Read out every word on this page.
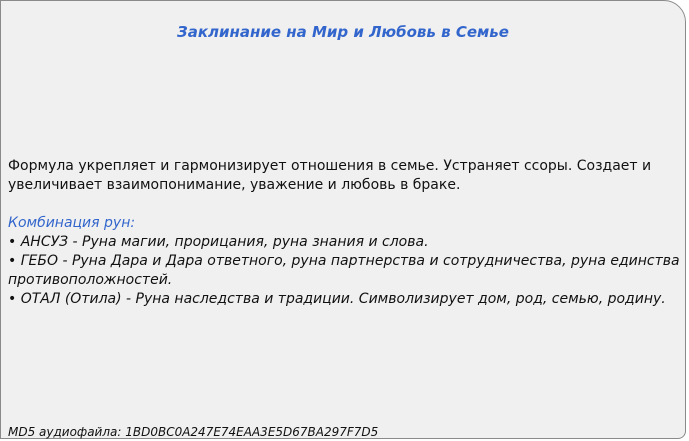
Заклинание на Мир и Любовь в Семье

Формула укрепляет и гармонизирует отношения в семье. Устраняет ссоры. Создает и увеличивает взаимопонимание, уважение и любовь в браке.

Комбинация рун:
• АНСУЗ - Руна магии, прорицания, руна знания и слова.
• ГЕБО - Руна Дара и Дара ответного, руна партнерства и сотрудничества, руна единства противоположностей.
• ОТАЛ (Отила) - Руна наследства и традиции. Символизирует дом, род, семью, родину.
MD5 аудиофайла: 1BD0BC0A247E74EAA3E5D67BA297F7D5
